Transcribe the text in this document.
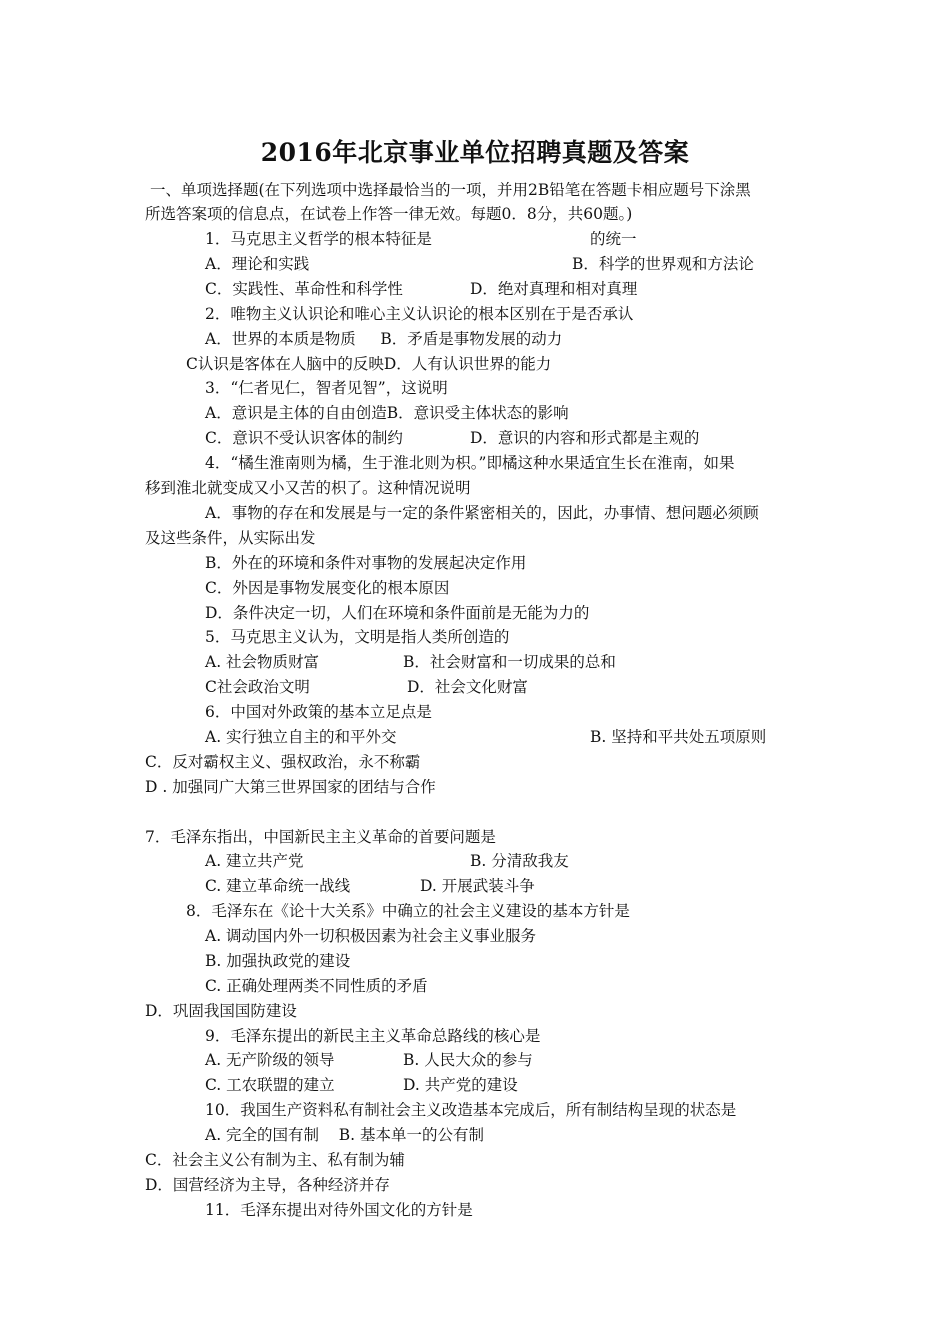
2016年北京事业单位招聘真题及答案
一、单项选择题(在下列选项中选择最恰当的一项，并用2B铅笔在答题卡相应题号下涂黑
所选答案项的信息点，在试卷上作答一律无效。每题0．8分，共60题。)
1．马克思主义哲学的根本特征是	的统一
A．理论和实践	B．科学的世界观和方法论
C．实践性、革命性和科学性	D．绝对真理和相对真理
2．唯物主义认识论和唯心主义认识论的根本区别在于是否承认
A．世界的本质是物质     B．矛盾是事物发展的动力
C认识是客体在人脑中的反映D．人有认识世界的能力
3．“仁者见仁，智者见智”，这说明
A．意识是主体的自由创造B．意识受主体状态的影响
C．意识不受认识客体的制约	D．意识的内容和形式都是主观的
4．“橘生淮南则为橘，生于淮北则为枳。”即橘这种水果适宜生长在淮南，如果
移到淮北就变成又小又苦的枳了。这种情况说明
A．事物的存在和发展是与一定的条件紧密相关的，因此，办事情、想问题必须顾
及这些条件，从实际出发
B．外在的环境和条件对事物的发展起决定作用
C．外因是事物发展变化的根本原因
D．条件决定一切，人们在环境和条件面前是无能为力的
5．马克思主义认为，文明是指人类所创造的
A. 社会物质财富	B．社会财富和一切成果的总和
C社会政治文明	D．社会文化财富
6．中国对外政策的基本立足点是
A. 实行独立自主的和平外交	B. 坚持和平共处五项原则
C．反对霸权主义、强权政治，永不称霸
D . 加强同广大第三世界国家的团结与合作
7．毛泽东指出，中国新民主主义革命的首要问题是
A. 建立共产党	B. 分清敌我友
C. 建立革命统一战线	D. 开展武装斗争
8．毛泽东在《论十大关系》中确立的社会主义建设的基本方针是
A. 调动国内外一切积极因素为社会主义事业服务
B. 加强执政党的建设
C. 正确处理两类不同性质的矛盾
D．巩固我国国防建设
9．毛泽东提出的新民主主义革命总路线的核心是
A. 无产阶级的领导	B. 人民大众的参与
C. 工农联盟的建立	D. 共产党的建设
10．我国生产资料私有制社会主义改造基本完成后，所有制结构呈现的状态是
A. 完全的国有制    B. 基本单一的公有制
C．社会主义公有制为主、私有制为辅
D．国营经济为主导，各种经济并存
11．毛泽东提出对待外国文化的方针是
